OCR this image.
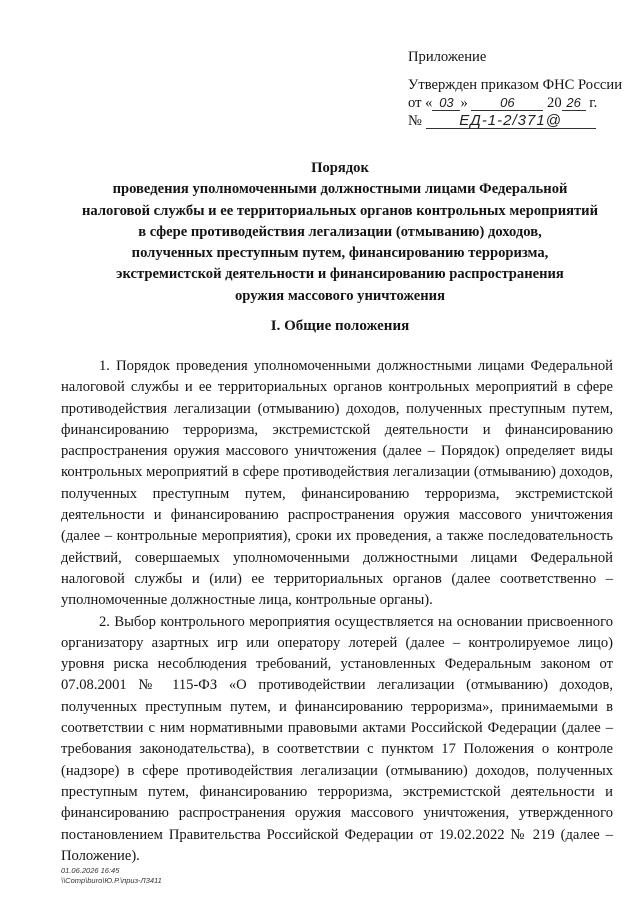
Приложение
Утвержден приказом ФНС России
от « 03 » 06 20 26 г.
№ ЕД-1-2/371@
Порядок
проведения уполномоченными должностными лицами Федеральной
налоговой службы и ее территориальных органов контрольных мероприятий
в сфере противодействия легализации (отмыванию) доходов,
полученных преступным путем, финансированию терроризма,
экстремистской деятельности и финансированию распространения
оружия массового уничтожения
I. Общие положения

1. Порядок проведения уполномоченными должностными лицами Федеральной налоговой службы и ее территориальных органов контрольных мероприятий в сфере противодействия легализации (отмыванию) доходов, полученных преступным путем, финансированию терроризма, экстремистской деятельности и финансированию распространения оружия массового уничтожения (далее – Порядок) определяет виды контрольных мероприятий в сфере противодействия легализации (отмыванию) доходов, полученных преступным путем, финансированию терроризма, экстремистской деятельности и финансированию распространения оружия массового уничтожения (далее – контрольные мероприятия), сроки их проведения, а также последовательность действий, совершаемых уполномоченными должностными лицами Федеральной налоговой службы и (или) ее территориальных органов (далее соответственно – уполномоченные должностные лица, контрольные органы).

2. Выбор контрольного мероприятия осуществляется на основании присвоенного организатору азартных игр или оператору лотерей (далее – контролируемое лицо) уровня риска несоблюдения требований, установленных Федеральным законом от 07.08.2001 № 115-ФЗ «О противодействии легализации (отмыванию) доходов, полученных преступным путем, и финансированию терроризма», принимаемыми в соответствии с ним нормативными правовыми актами Российской Федерации (далее – требования законодательства), в соответствии с пунктом 17 Положения о контроле (надзоре) в сфере противодействия легализации (отмыванию) доходов, полученных преступным путем, финансированию терроризма, экстремистской деятельности и финансированию распространения оружия массового уничтожения, утвержденного постановлением Правительства Российской Федерации от 19.02.2022 № 219 (далее – Положение).

01.06.2026 16:45
\\Comp\buro\Ю.Р.\приз-Л3411
